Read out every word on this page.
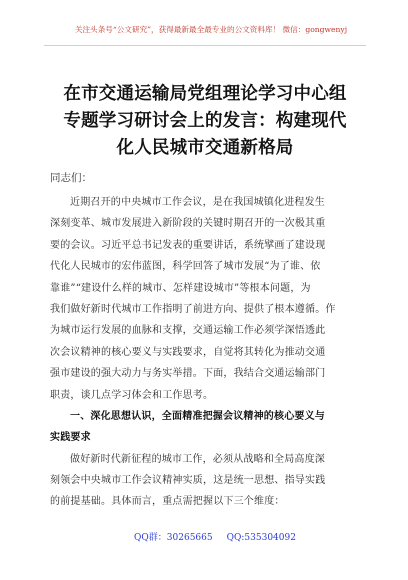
关注头条号“公文研究”，获得最新最全最专业的公文资料库！ 微信：gongwenyj
在市交通运输局党组理论学习中心组
专题学习研讨会上的发言：构建现代
化人民城市交通新格局
同志们：
近期召开的中央城市工作会议，是在我国城镇化进程发生
深刻变革、城市发展进入新阶段的关键时期召开的一次极其重
要的会议。习近平总书记发表的重要讲话，系统擘画了建设现
代化人民城市的宏伟蓝图，科学回答了城市发展“为了谁、依
靠谁”“建设什么样的城市、怎样建设城市”等根本问题，为
我们做好新时代城市工作指明了前进方向、提供了根本遵循。作
为城市运行发展的血脉和支撑，交通运输工作必须学深悟透此
次会议精神的核心要义与实践要求，自觉将其转化为推动交通
强市建设的强大动力与务实举措。下面，我结合交通运输部门
职责，谈几点学习体会和工作思考。
一、深化思想认识，全面精准把握会议精神的核心要义与
实践要求
做好新时代新征程的城市工作，必须从战略和全局高度深
刻领会中央城市工作会议精神实质，这是统一思想、指导实践
的前提基础。具体而言，重点需把握以下三个维度：
QQ群：30265665 QQ:535304092
